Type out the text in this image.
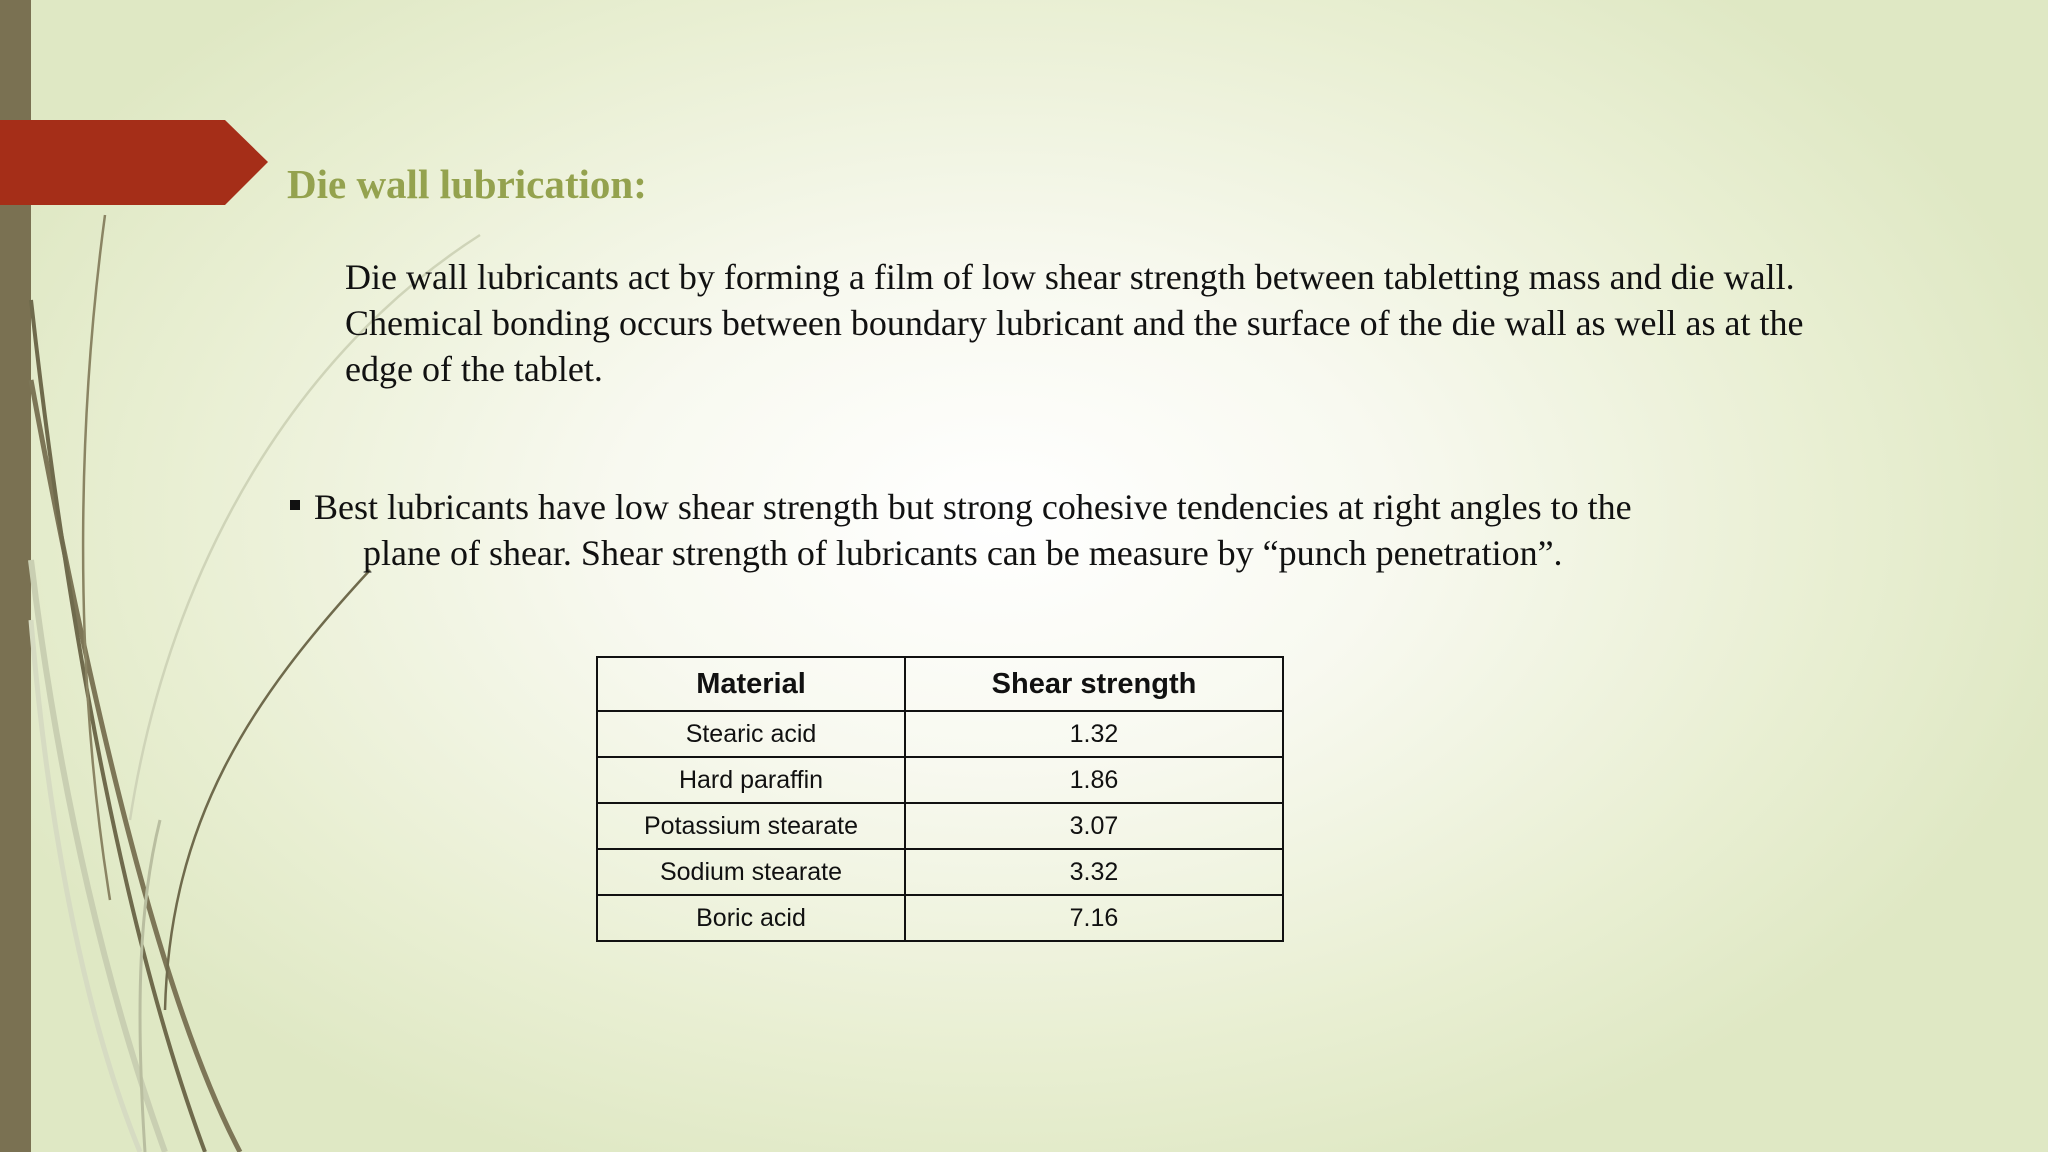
Die wall lubrication:
Die wall lubricants act by forming a film of low shear strength between tabletting mass and die wall. Chemical bonding occurs between boundary lubricant and the surface of the die wall as well as at the edge of the tablet.
Best lubricants have low shear strength but strong cohesive tendencies at right angles to the
plane of shear. Shear strength of lubricants can be measure by “punch penetration”.
Material	Shear strength
Stearic acid	1.32
Hard paraffin	1.86
Potassium stearate	3.07
Sodium stearate	3.32
Boric acid	7.16
